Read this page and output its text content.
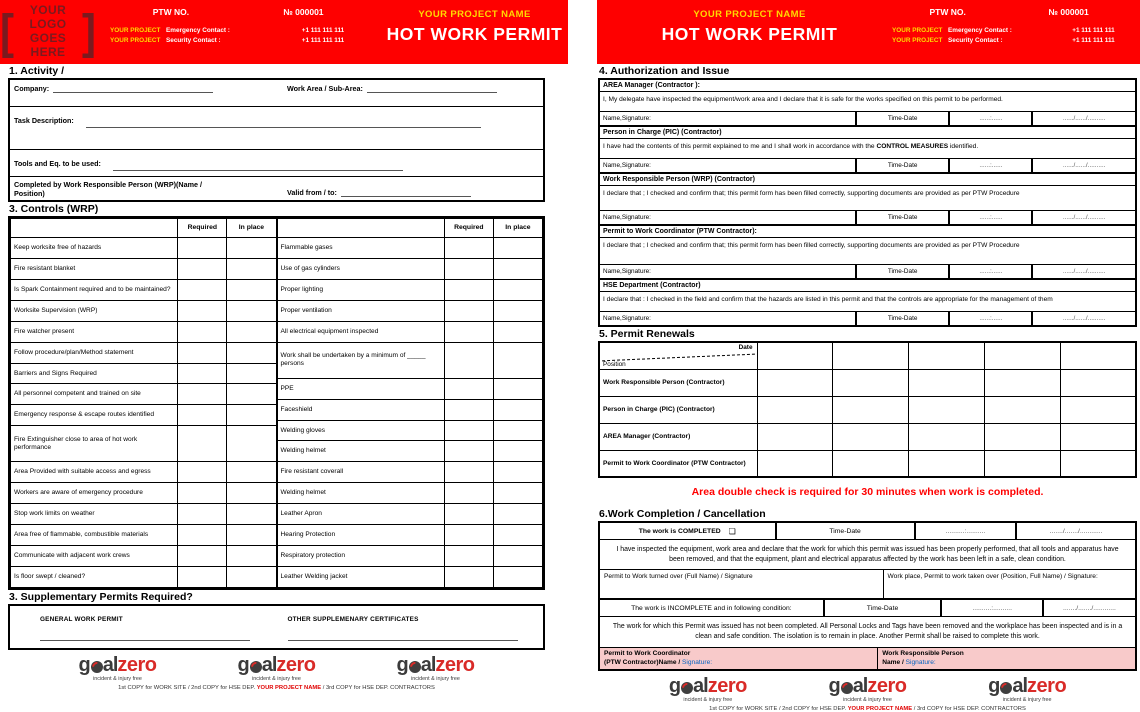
[	YOUR LOGO
GOES HERE ]	PTW NO.	№ 000001
YOUR PROJECT Emergency Contact :	+1 111 111 111
YOUR PROJECT Security Contact :	+1 111 111 111
YOUR PROJECT NAME
HOT WORK PERMIT
1. Activity /
Company:	Work Area / Sub-Area:
Task Description:
Tools and Eq. to be used:
Completed by Work Responsible Person (WRP)(Name / Position)	Valid from / to:
3. Controls (WRP)
	Required	In place
Keep worksite free of hazards		
Fire resistant blanket		
Is Spark Containment required and to be maintained?		
Worksite Supervision (WRP)		
Fire watcher present		
Follow procedure/plan/Method statement		
Barriers and Signs Required		
All personnel competent and trained on site		
Emergency response & escape routes identified		
Fire Extinguisher close to area of hot work performance		
Area Provided with suitable access and egress		
Workers are aware of emergency procedure		
Stop work limits on weather		
Area free of flammable, combustible materials		
Communicate with adjacent work crews		
Is floor swept / cleaned?		
	Required	In place
Flammable gases		
Use of gas cylinders		
Proper lighting		
Proper ventilation		
All electrical equipment inspected		
Work shall be undertaken by a minimum of _____ persons		
PPE		
Faceshield		
Welding gloves		
Welding helmet		
Fire resistant coverall		
Welding helmet		
Leather Apron		
Hearing Protection		
Respiratory protection		
Leather Welding jacket		
3. Supplementary Permits Required?
GENERAL WORK PERMIT	OTHER SUPPLEMENARY CERTIFICATES
g al zero
incident & injury free
g al zero
incident & injury free
g al zero
incident & injury free
1st COPY for WORK SITE / 2nd COPY for HSE DEP. YOUR PROJECT NAME / 3rd COPY for HSE DEP. CONTRACTORS
YOUR PROJECT NAME
HOT WORK PERMIT
PTW NO.	№ 000001
YOUR PROJECT Emergency Contact :	+1 111 111 111
YOUR PROJECT Security Contact :	+1 111 111 111
4. Authorization and Issue
AREA Manager (Contractor ):
I, My delegate have inspected the equipment/work area and I declare that it is safe for the works specified on this permit to be performed.
Name,Signature:	Time-Date	......:......	....../....../..........
Person in Charge (PIC) (Contractor)
I have had the contents of this permit explained to me and I shall work in accordance with the CONTROL MEASURES identified.
Name,Signature:	Time-Date	......:......	....../....../..........
Work Responsible Person (WRP) (Contractor)
I declare that ; I checked and confirm that; this permit form has been filled correctly, supporting documents are provided as per PTW Procedure
Name,Signature:	Time-Date	......:......	....../....../..........
Permit to Work Coordinator (PTW Contractor):
I declare that ; I checked and confirm that; this permit form has been filled correctly, supporting documents are provided as per PTW Procedure
Name,Signature:	Time-Date	......:......	....../....../..........
HSE Department (Contractor)
I declare that : I checked in the field and confirm that the hazards are listed in this permit and that the controls are appropriate for the management of them
Name,Signature:	Time-Date	......:......	....../....../..........
5. Permit Renewals
Date
Position					

Work Responsible Person (Contractor)					
Person in Charge (PIC) (Contractor)					
AREA Manager (Contractor)					
Permit to Work Coordinator (PTW Contractor)					
Area double check is required for 30 minutes when work is completed.
6.Work Completion / Cancellation
The work is COMPLETED ❏	Time-Date	..........:..........	......./......./............
I have inspected the equipment, work area and declare that the work for which this permit was issued has been properly performed, that all tools and apparatus have been removed, and that the equipment, plant and electrical apparatus affected by the work has been left in a safe, clean condition.
Permit to Work turned over (Full Name) / Signature	Work place, Permit to work taken over (Position, Full Name) / Signature:
The work is INCOMPLETE and in following condition:	Time-Date	..........:..........	......./......./............
The work for which this Permit was issued has not been completed. All Personal Locks and Tags have been removed and the workplace has been inspected and is in a clean and safe condition. The isolation is to remain in place. Another Permit shall be raised to complete this work.
Permit to Work Coordinator
(PTW Contractor)Name / Signature:
Work Responsible Person
Name / Signature:
g al zero
incident & injury free
g al zero
incident & injury free
g al zero
incident & injury free
1st COPY for WORK SITE / 2nd COPY for HSE DEP. YOUR PROJECT NAME / 3rd COPY for HSE DEP. CONTRACTORS
